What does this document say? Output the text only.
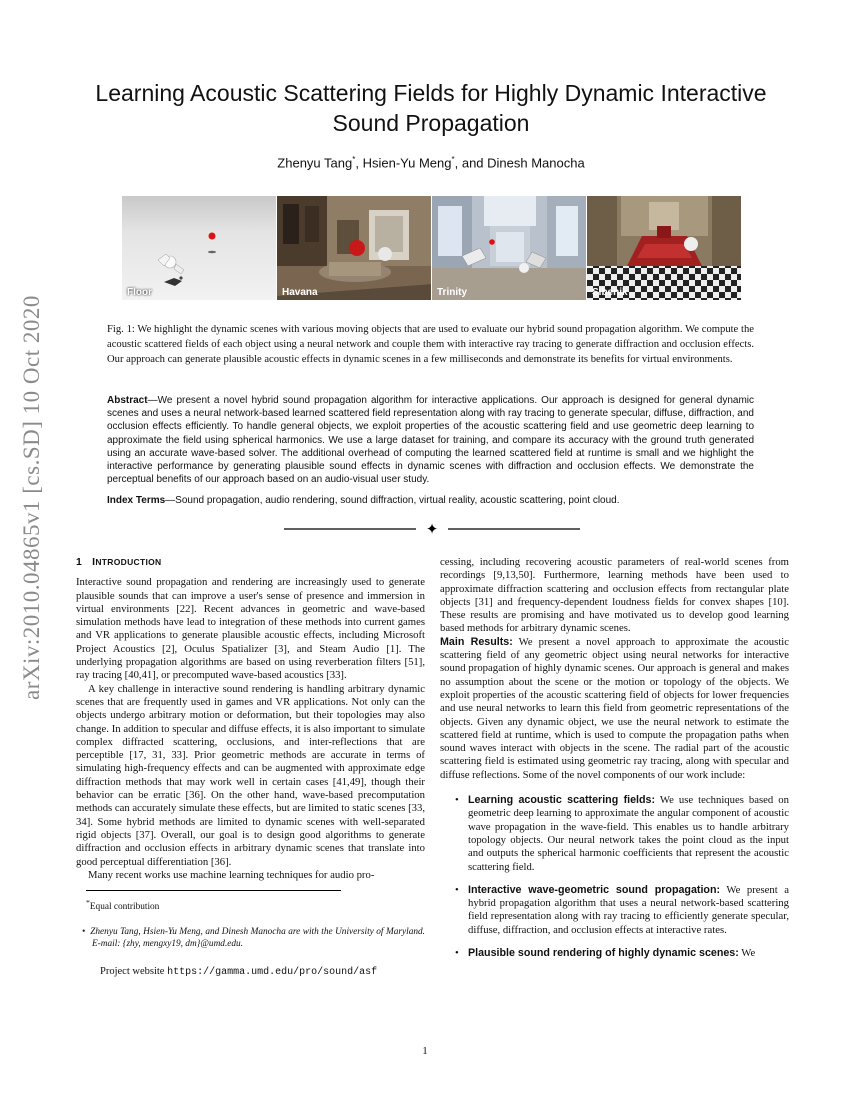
arXiv:2010.04865v1 [cs.SD] 10 Oct 2020
Learning Acoustic Scattering Fields for Highly Dynamic Interactive
Sound Propagation
Zhenyu Tang*, Hsien-Yu Meng*, and Dinesh Manocha
Floor	Havana	Trinity	Sibenik

Fig. 1: We highlight the dynamic scenes with various moving objects that are used to evaluate our hybrid sound propagation algorithm. We compute the acoustic scattered fields of each object using a neural network and couple them with interactive ray tracing to generate diffraction and occlusion effects. Our approach can generate plausible acoustic effects in dynamic scenes in a few milliseconds and demonstrate its benefits for virtual environments.

Abstract—We present a novel hybrid sound propagation algorithm for interactive applications. Our approach is designed for general dynamic scenes and uses a neural network-based learned scattered field representation along with ray tracing to generate specular, diffuse, diffraction, and occlusion effects efficiently. To handle general objects, we exploit properties of the acoustic scattering field and use geometric deep learning to approximate the field using spherical harmonics. We use a large dataset for training, and compare its accuracy with the ground truth generated using an accurate wave-based solver. The additional overhead of computing the learned scattered field at runtime is small and we highlight the interactive performance by generating plausible sound effects in dynamic scenes with diffraction and occlusion effects. We demonstrate the perceptual benefits of our approach based on an audio-visual user study.

Index Terms—Sound propagation, audio rendering, sound diffraction, virtual reality, acoustic scattering, point cloud.

✦
1 INTRODUCTION

Interactive sound propagation and rendering are increasingly used to generate plausible sounds that can improve a user's sense of presence and immersion in virtual environments [22]. Recent advances in geometric and wave-based simulation methods have lead to integration of these methods into current games and VR applications to generate plausible acoustic effects, including Microsoft Project Acoustics [2], Oculus Spatializer [3], and Steam Audio [1]. The underlying propagation algorithms are based on using reverberation filters [51], ray tracing [40,41], or precomputed wave-based acoustics [33].

A key challenge in interactive sound rendering is handling arbitrary dynamic scenes that are frequently used in games and VR applications. Not only can the objects undergo arbitrary motion or deformation, but their topologies may also change. In addition to specular and diffuse effects, it is also important to simulate complex diffracted scattering, occlusions, and inter-reflections that are perceptible [17, 31, 33]. Prior geometric methods are accurate in terms of simulating high-frequency effects and can be augmented with approximate edge diffraction methods that may work well in certain cases [41,49], though their behavior can be erratic [36]. On the other hand, wave-based precomputation methods can accurately simulate these effects, but are limited to static scenes [33, 34]. Some hybrid methods are limited to dynamic scenes with well-separated rigid objects [37]. Overall, our goal is to design good algorithms to generate diffraction and occlusion effects in arbitrary dynamic scenes that translate into good perceptual differentiation [36].

Many recent works use machine learning techniques for audio pro-

*Equal contribution

• Zhenyu Tang, Hsien-Yu Meng, and Dinesh Manocha are with the University of Maryland. E-mail: {zhy, mengxy19, dm}@umd.edu.

Project website https://gamma.umd.edu/pro/sound/asf

cessing, including recovering acoustic parameters of real-world scenes from recordings [9,13,50]. Furthermore, learning methods have been used to approximate diffraction scattering and occlusion effects from rectangular plate objects [31] and frequency-dependent loudness fields for convex shapes [10]. These results are promising and have motivated us to develop good learning based methods for arbitrary dynamic scenes.

Main Results: We present a novel approach to approximate the acoustic scattering field of any geometric object using neural networks for interactive sound propagation of highly dynamic scenes. Our approach is general and makes no assumption about the scene or the motion or topology of the objects. We exploit properties of the acoustic scattering field of objects for lower frequencies and use neural networks to learn this field from geometric representations of the objects. Given any dynamic object, we use the neural network to estimate the scattered field at runtime, which is used to compute the propagation paths when sound waves interact with objects in the scene. The radial part of the acoustic scattering field is estimated using geometric ray tracing, along with specular and diffuse reflections. Some of the novel components of our work include:

• Learning acoustic scattering fields: We use techniques based on geometric deep learning to approximate the angular component of acoustic wave propagation in the wave-field. This enables us to handle arbitrary topology objects. Our neural network takes the point cloud as the input and outputs the spherical harmonic coefficients that represent the acoustic scattering field.
• Interactive wave-geometric sound propagation: We present a hybrid propagation algorithm that uses a neural network-based scattering field representation along with ray tracing to efficiently generate specular, diffuse, diffraction, and occlusion effects at interactive rates.
• Plausible sound rendering of highly dynamic scenes: We
1
